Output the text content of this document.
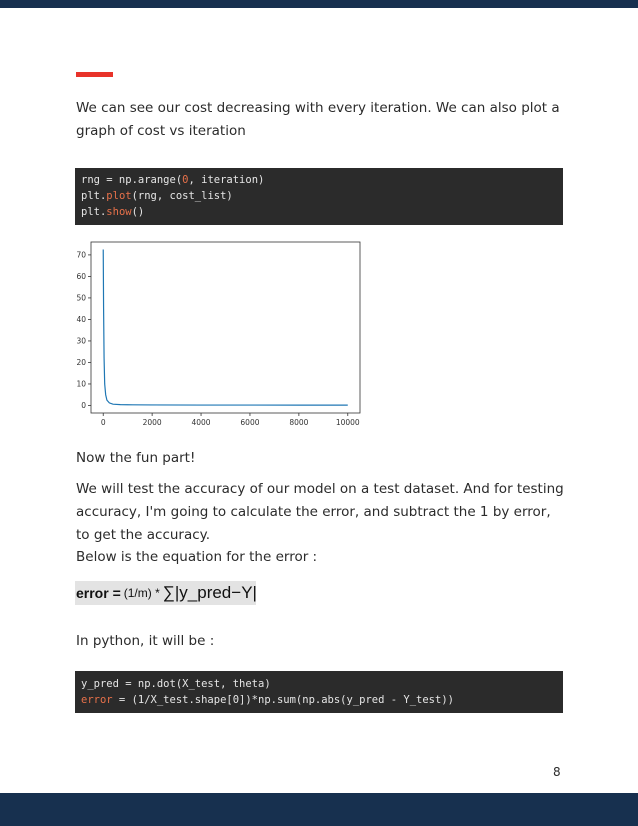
We can see our cost decreasing with every iteration. We can also plot a graph of cost vs iteration

rng = np.arange(0, iteration)
plt.plot(rng, cost_list)
plt.show()
0	2000	4000	6000	8000	10000
0
10
20
30
40
50
60
70

Now the fun part!

We will test the accuracy of our model on a test dataset. And for testing accuracy, I'm going to calculate the error, and subtract the 1 by error, to get the accuracy.

Below is the equation for the error :

error = (1/m) * ∑|y_pred−Y|

In python, it will be :

y_pred = np.dot(X_test, theta)
error = (1/X_test.shape[0])*np.sum(np.abs(y_pred - Y_test))
8
